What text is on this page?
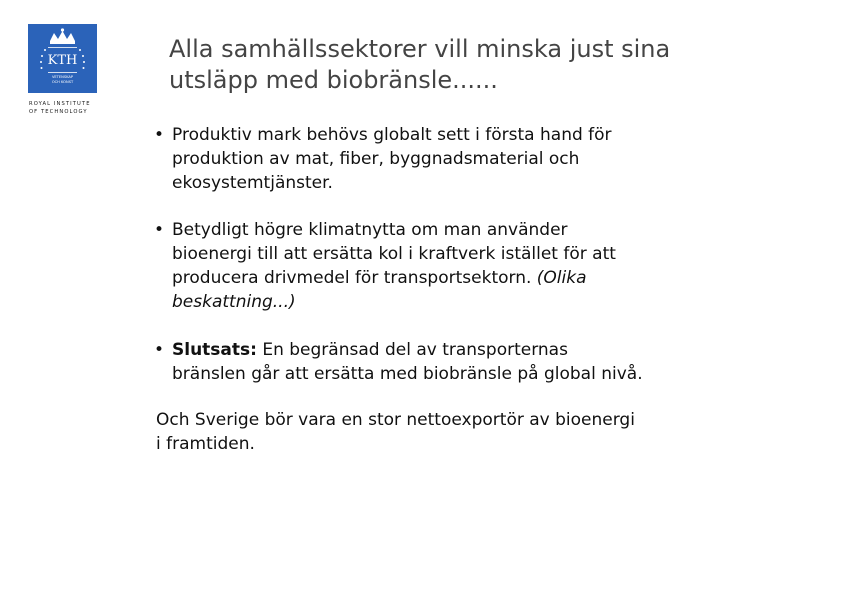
KTH
VETENSKAP
OCH KONST
ROYAL INSTITUTE
OF TECHNOLOGY
Alla samhällssektorer vill minska just sina
utsläpp med biobränsle......
• Produktiv mark behövs globalt sett i första hand för
produktion av mat, fiber, byggnadsmaterial och
ekosystemtjänster.
• Betydligt högre klimatnytta om man använder
bioenergi till att ersätta kol i kraftverk istället för att
producera drivmedel för transportsektorn. (Olika
beskattning...)
• Slutsats: En begränsad del av transporternas
bränslen går att ersätta med biobränsle på global nivå.

Och Sverige bör vara en stor nettoexportör av bioenergi
i framtiden.
